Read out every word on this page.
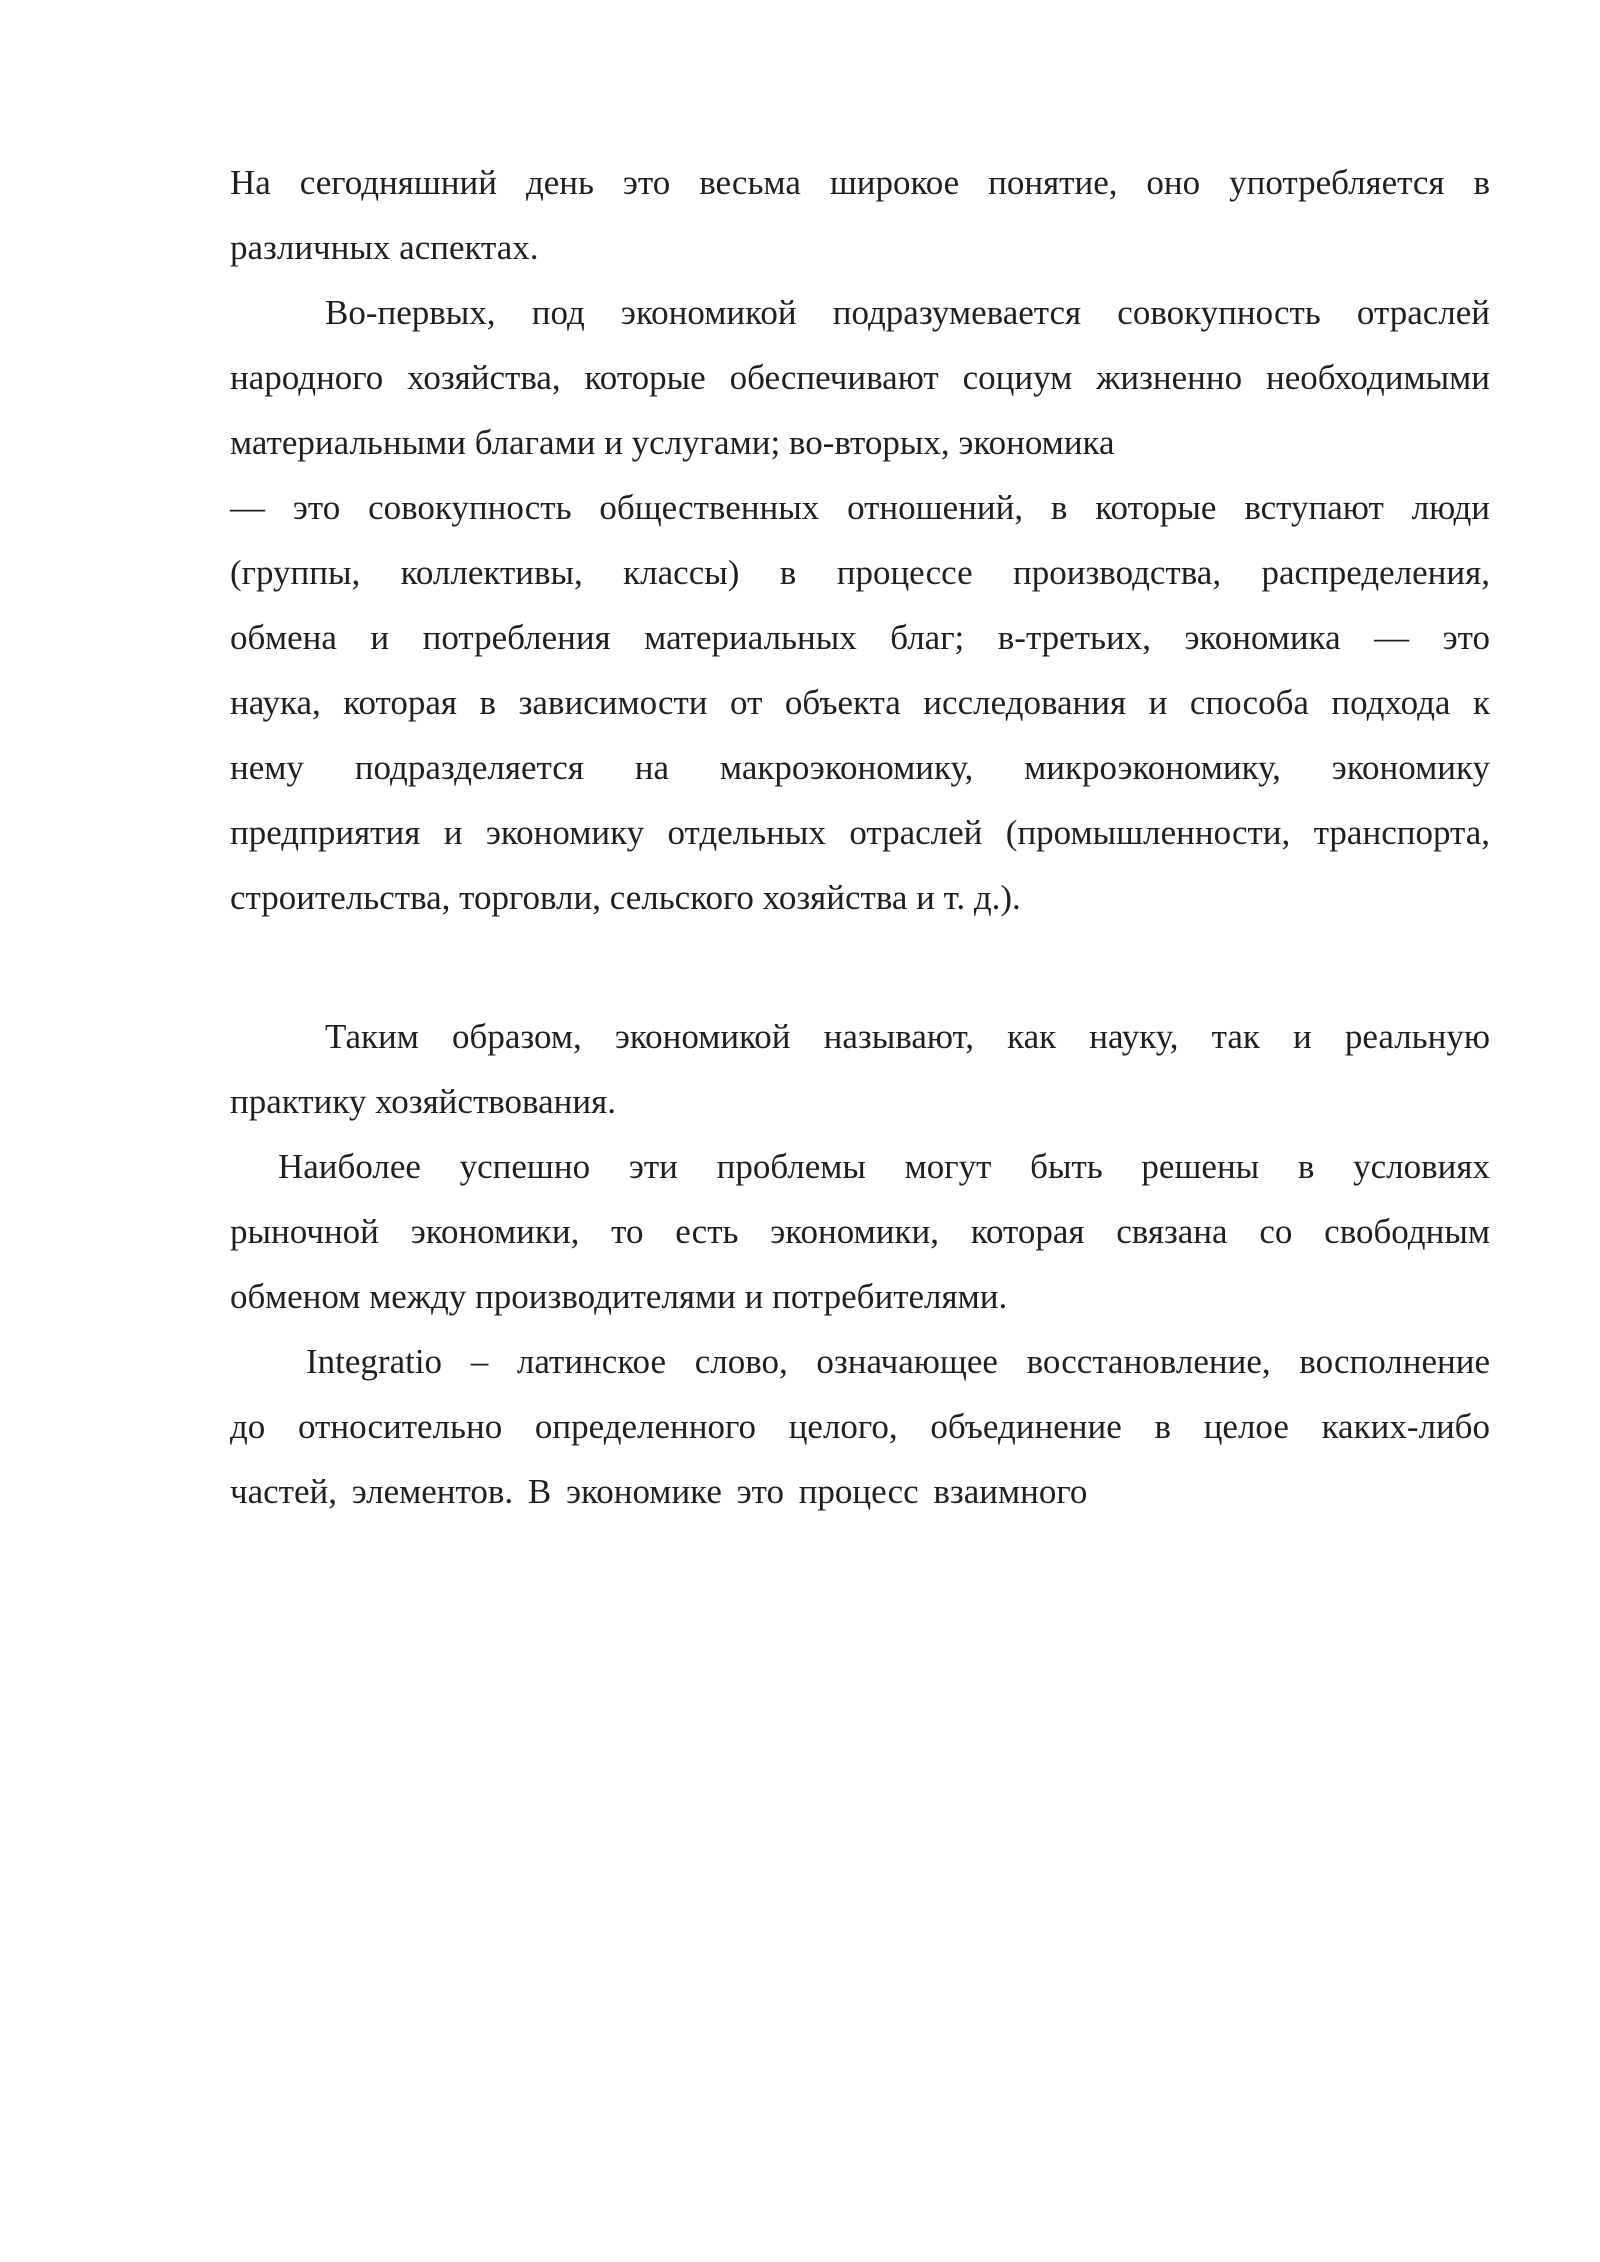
На сегодняшний день это весьма широкое понятие, оно употребляется в
различных аспектах.
Во-первых, под экономикой подразумевается совокупность отраслей
народного хозяйства, которые обеспечивают социум жизненно необходимыми
материальными благами и услугами; во-вторых, экономика
— это совокупность общественных отношений, в которые вступают люди
(группы, коллективы, классы) в процессе производства, распределения,
обмена и потребления материальных благ; в-третьих, экономика — это
наука, которая в зависимости от объекта исследования и способа подхода к
нему подразделяется на макроэкономику, микроэкономику, экономику
предприятия и экономику отдельных отраслей (промышленности, транспорта,
строительства, торговли, сельского хозяйства и т. д.).
Таким образом, экономикой называют, как науку, так и реальную
практику хозяйствования.
Наиболее успешно эти проблемы могут быть решены в условиях
рыночной экономики, то есть экономики, которая связана со свободным
обменом между производителями и потребителями.
Integratio – латинское слово, означающее восстановление, восполнение
до относительно определенного целого, объединение в целое каких-либо
частей, элементов. В экономике это процесс взаимного
